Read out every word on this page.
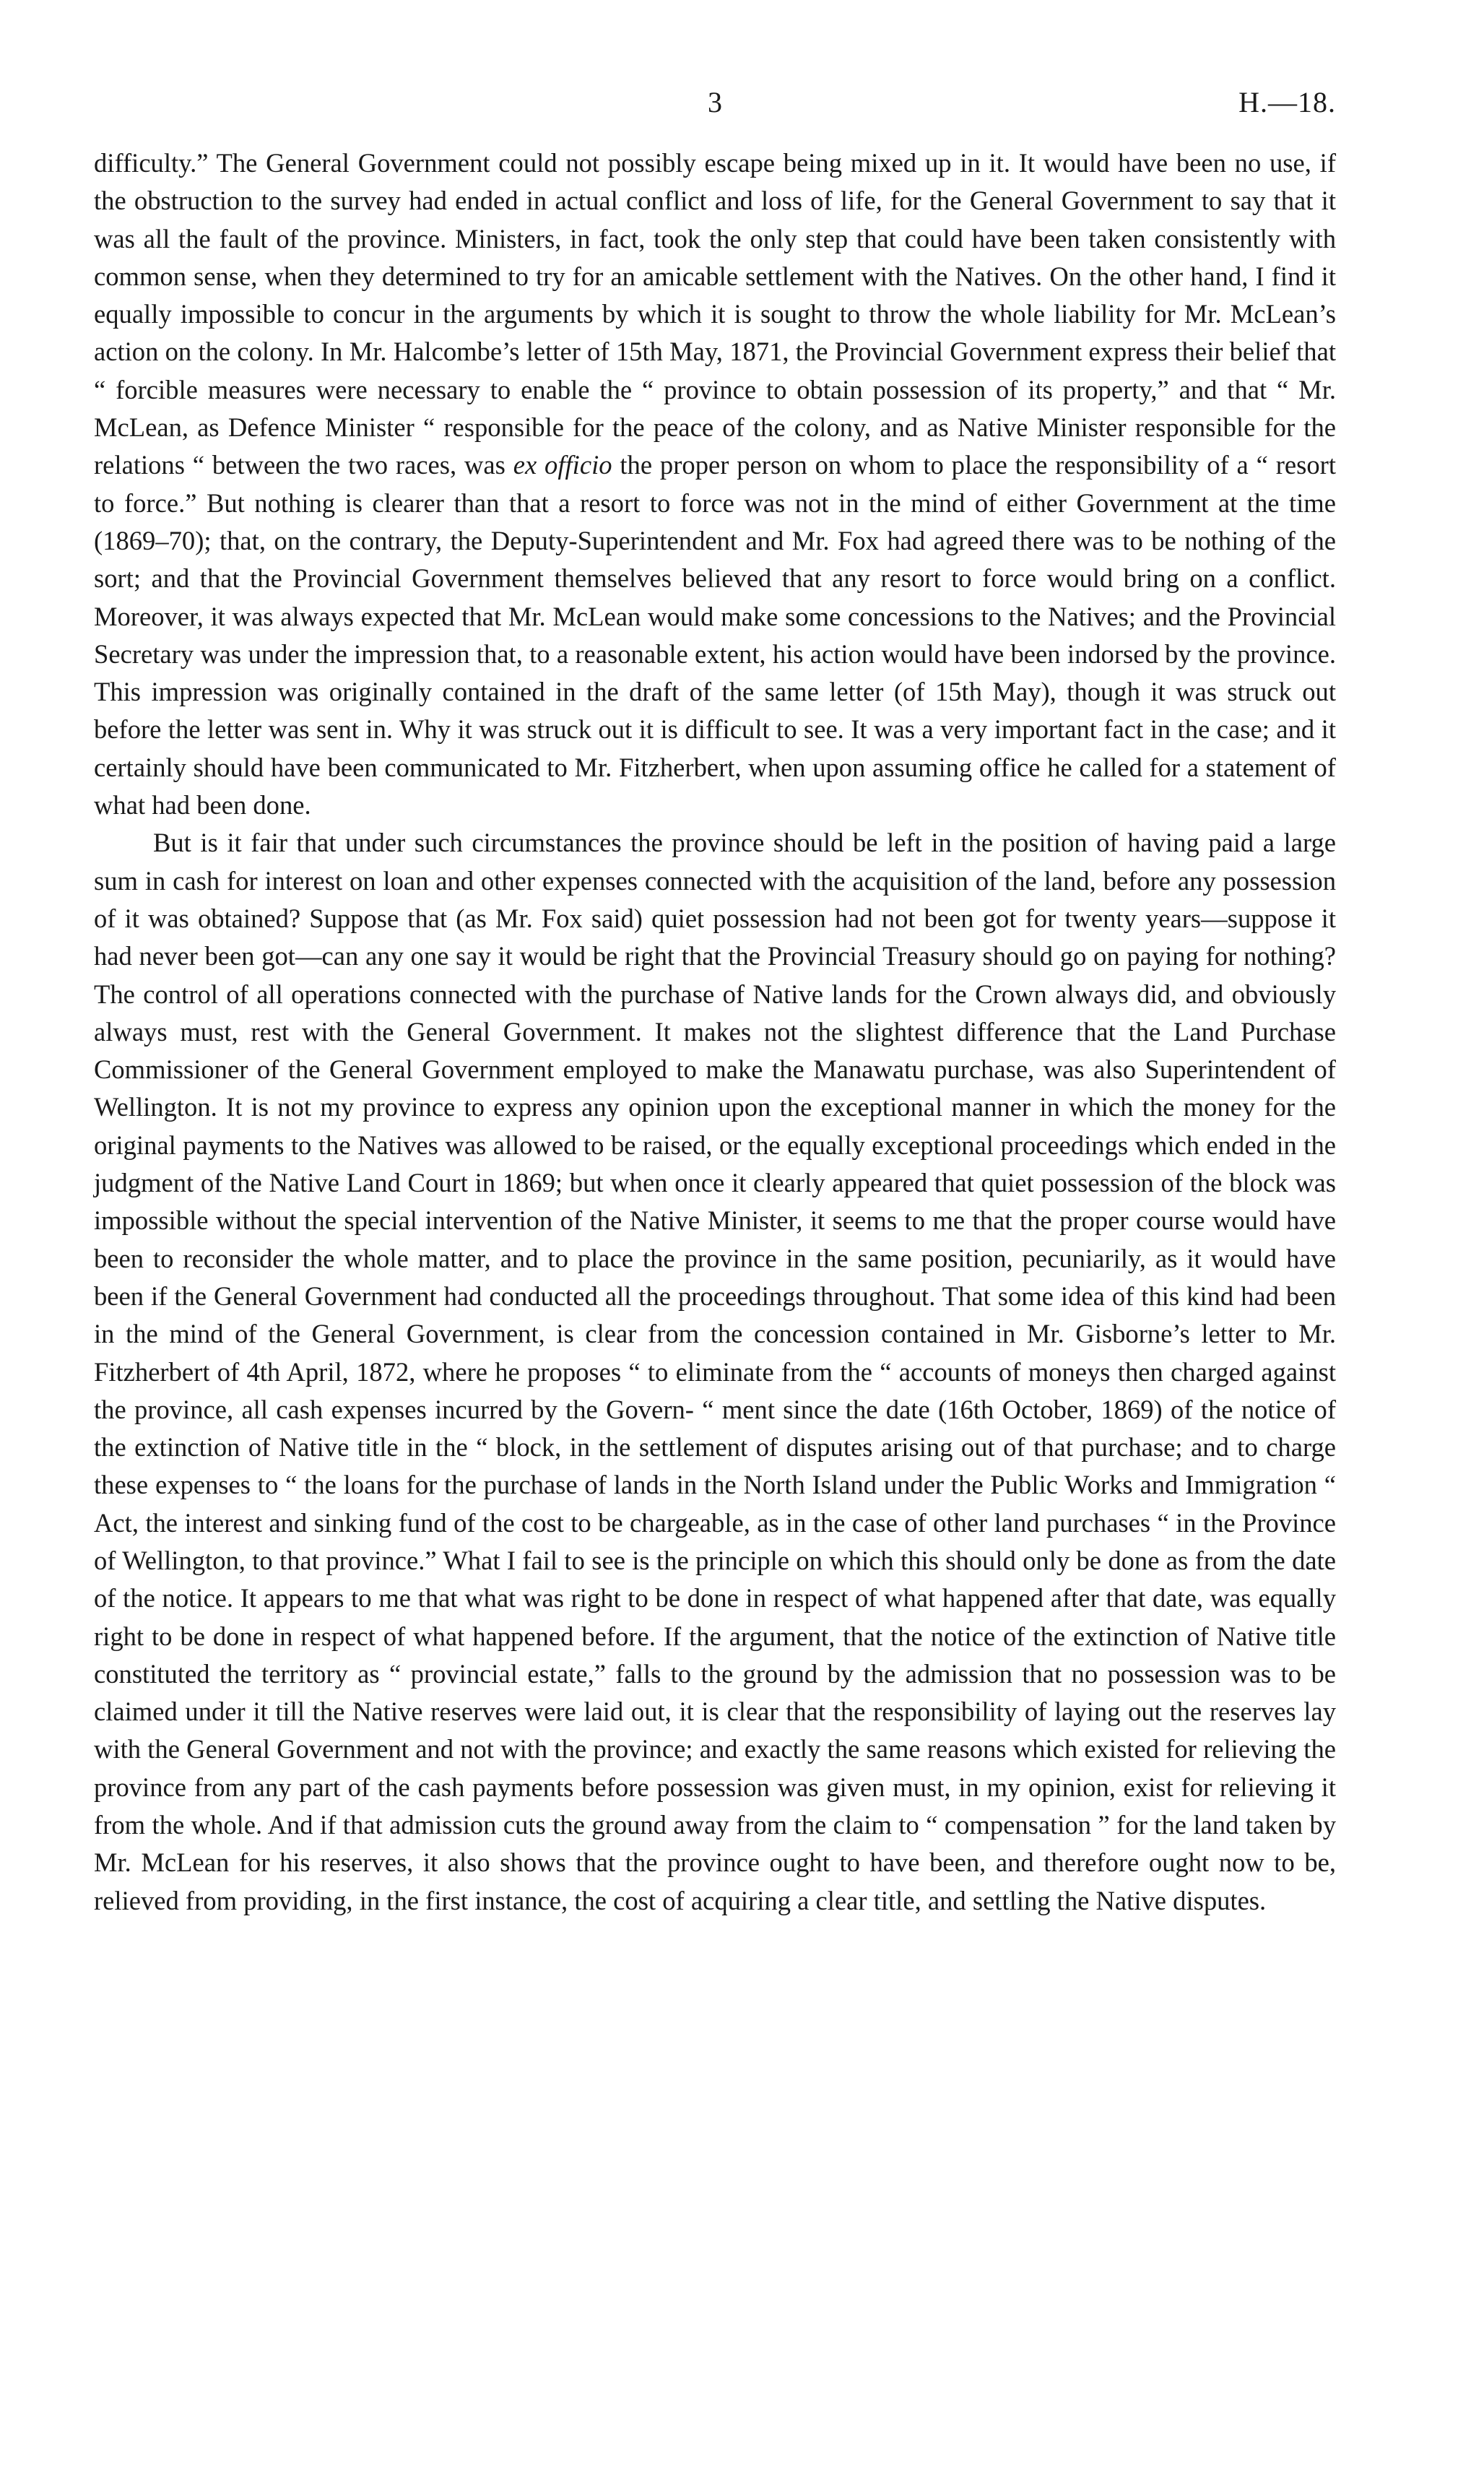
3	H.—18.

difficulty.” The General Government could not possibly escape being mixed up in it. It would have been no use, if the obstruction to the survey had ended in actual conflict and loss of life, for the General Government to say that it was all the fault of the province. Ministers, in fact, took the only step that could have been taken consistently with common sense, when they determined to try for an amicable settlement with the Natives. On the other hand, I find it equally impossible to concur in the arguments by which it is sought to throw the whole liability for Mr. McLean’s action on the colony. In Mr. Halcombe’s letter of 15th May, 1871, the Provincial Government express their belief that “ forcible measures were necessary to enable the “ province to obtain possession of its property,” and that “ Mr. McLean, as Defence Minister “ responsible for the peace of the colony, and as Native Minister responsible for the relations “ between the two races, was ex officio the proper person on whom to place the responsibility of a “ resort to force.” But nothing is clearer than that a resort to force was not in the mind of either Government at the time (1869–70); that, on the contrary, the Deputy-Superintendent and Mr. Fox had agreed there was to be nothing of the sort; and that the Provincial Government themselves believed that any resort to force would bring on a conflict. Moreover, it was always expected that Mr. McLean would make some concessions to the Natives; and the Provincial Secretary was under the impression that, to a reasonable extent, his action would have been indorsed by the province. This impression was originally contained in the draft of the same letter (of 15th May), though it was struck out before the letter was sent in. Why it was struck out it is difficult to see. It was a very important fact in the case; and it certainly should have been communicated to Mr. Fitzherbert, when upon assuming office he called for a statement of what had been done.

But is it fair that under such circumstances the province should be left in the position of having paid a large sum in cash for interest on loan and other expenses connected with the acquisition of the land, before any possession of it was obtained? Suppose that (as Mr. Fox said) quiet possession had not been got for twenty years—suppose it had never been got—can any one say it would be right that the Provincial Treasury should go on paying for nothing? The control of all operations connected with the purchase of Native lands for the Crown always did, and obviously always must, rest with the General Government. It makes not the slightest difference that the Land Purchase Commissioner of the General Government employed to make the Manawatu purchase, was also Superintendent of Wellington. It is not my province to express any opinion upon the exceptional manner in which the money for the original payments to the Natives was allowed to be raised, or the equally exceptional proceedings which ended in the judgment of the Native Land Court in 1869; but when once it clearly appeared that quiet possession of the block was impossible without the special intervention of the Native Minister, it seems to me that the proper course would have been to reconsider the whole matter, and to place the province in the same position, pecuniarily, as it would have been if the General Government had conducted all the proceedings throughout. That some idea of this kind had been in the mind of the General Government, is clear from the concession contained in Mr. Gisborne’s letter to Mr. Fitzherbert of 4th April, 1872, where he proposes “ to eliminate from the “ accounts of moneys then charged against the province, all cash expenses incurred by the Govern- “ ment since the date (16th October, 1869) of the notice of the extinction of Native title in the “ block, in the settlement of disputes arising out of that purchase; and to charge these expenses to “ the loans for the purchase of lands in the North Island under the Public Works and Immigration “ Act, the interest and sinking fund of the cost to be chargeable, as in the case of other land purchases “ in the Province of Wellington, to that province.” What I fail to see is the principle on which this should only be done as from the date of the notice. It appears to me that what was right to be done in respect of what happened after that date, was equally right to be done in respect of what happened before. If the argument, that the notice of the extinction of Native title constituted the territory as “ provincial estate,” falls to the ground by the admission that no possession was to be claimed under it till the Native reserves were laid out, it is clear that the responsibility of laying out the reserves lay with the General Government and not with the province; and exactly the same reasons which existed for relieving the province from any part of the cash payments before possession was given must, in my opinion, exist for relieving it from the whole. And if that admission cuts the ground away from the claim to “ compensation ” for the land taken by Mr. McLean for his reserves, it also shows that the province ought to have been, and therefore ought now to be, relieved from providing, in the first instance, the cost of acquiring a clear title, and settling the Native disputes.
